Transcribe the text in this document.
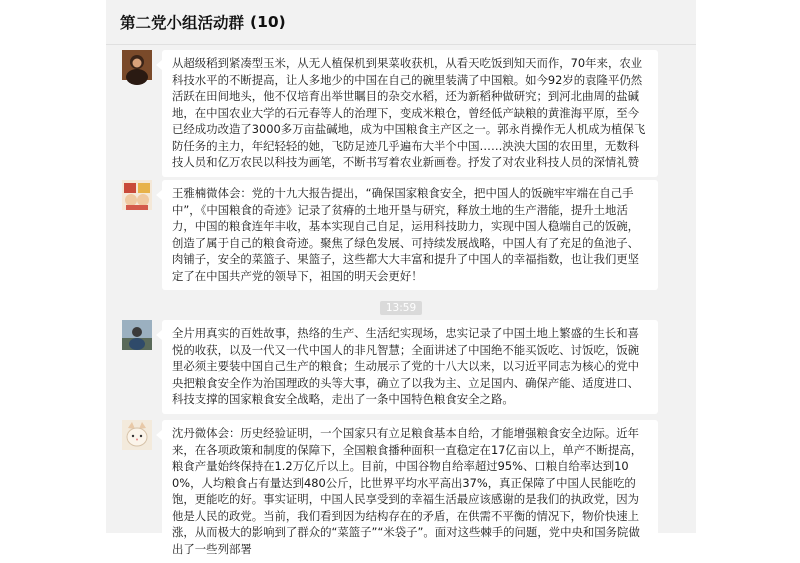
第二党小组活动群 (10)
从超级稻到紧凑型玉米，从无人植保机到果菜收获机，从看天吃饭到知天而作，70年来，农业科技水平的不断提高，让人多地少的中国在自己的碗里装满了中国粮。如今92岁的袁隆平仍然活跃在田间地头，他不仅培育出举世瞩目的杂交水稻，还为新稻种做研究；到河北曲周的盐碱地，在中国农业大学的石元春等人的治理下，变成米粮仓，曾经低产缺粮的黄淮海平原，至今已经成功改造了3000多万亩盐碱地，成为中国粮食主产区之一。郭永肖操作无人机成为植保飞防任务的主力，年纪轻轻的她，飞防足迹几乎遍布大半个中国……泱泱大国的农田里，无数科技人员和亿万农民以科技为画笔，不断书写着农业新画卷。抒发了对农业科技人员的深情礼赞
王雅楠微体会：党的十九大报告提出，“确保国家粮食安全，把中国人的饭碗牢牢端在自己手中”，《中国粮食的奇迹》记录了贫瘠的土地开垦与研究，释放土地的生产潜能，提升土地活力，中国的粮食连年丰收，基本实现自己自足，运用科技助力，实现中国人稳端自己的饭碗，创造了属于自己的粮食奇迹。聚焦了绿色发展、可持续发展战略，中国人有了充足的鱼池子、肉铺子，安全的菜篮子、果篮子，这些都大大丰富和提升了中国人的幸福指数，也让我们更坚定了在中国共产党的领导下，祖国的明天会更好！
13:59
全片用真实的百姓故事，热络的生产、生活纪实现场，忠实记录了中国土地上繁盛的生长和喜悦的收获，以及一代又一代中国人的非凡智慧；全面讲述了中国绝不能买饭吃、讨饭吃，饭碗里必须主要装中国自己生产的粮食；生动展示了党的十八大以来，以习近平同志为核心的党中央把粮食安全作为治国理政的头等大事，确立了以我为主、立足国内、确保产能、适度进口、科技支撑的国家粮食安全战略，走出了一条中国特色粮食安全之路。
沈丹微体会：历史经验证明，一个国家只有立足粮食基本自给，才能增强粮食安全边际。近年来，在各项政策和制度的保障下，全国粮食播种面积一直稳定在17亿亩以上，单产不断提高，粮食产量始终保持在1.2万亿斤以上。目前，中国谷物自给率超过95%、口粮自给率达到100%，人均粮食占有量达到480公斤，比世界平均水平高出37%，真正保障了中国人民能吃的饱，更能吃的好。事实证明，中国人民享受到的幸福生活最应该感谢的是我们的执政党，因为他是人民的政党。当前，我们看到因为结构存在的矛盾，在供需不平衡的情况下，物价快速上涨，从而极大的影响到了群众的“菜篮子”“米袋子”。面对这些棘手的问题，党中央和国务院做出了一些列部署
